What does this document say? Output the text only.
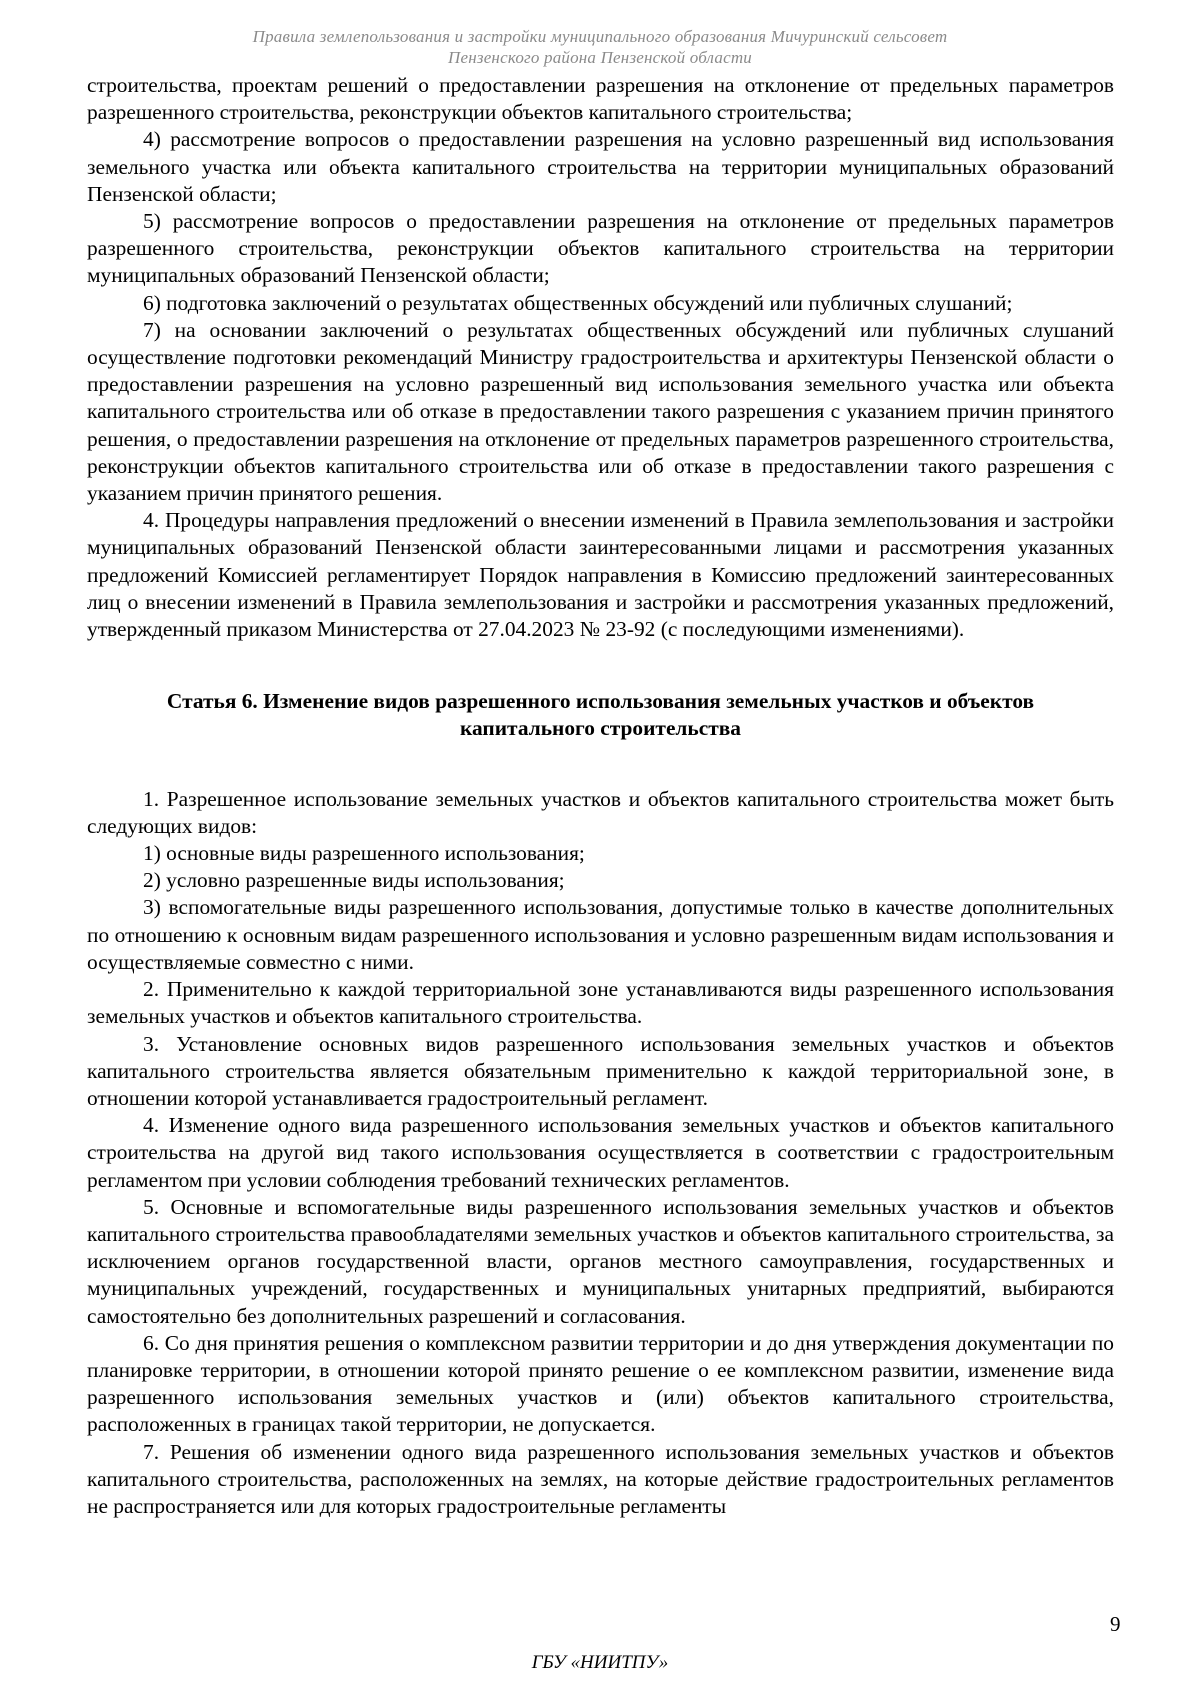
Правила землепользования и застройки муниципального образования Мичуринский сельсовет
Пензенского района Пензенской области

строительства, проектам решений о предоставлении разрешения на отклонение от предельных параметров разрешенного строительства, реконструкции объектов капитального строительства;

4) рассмотрение вопросов о предоставлении разрешения на условно разрешенный вид использования земельного участка или объекта капитального строительства на территории муниципальных образований Пензенской области;

5) рассмотрение вопросов о предоставлении разрешения на отклонение от предельных параметров разрешенного строительства, реконструкции объектов капитального строительства на территории муниципальных образований Пензенской области;

6) подготовка заключений о результатах общественных обсуждений или публичных слушаний;

7) на основании заключений о результатах общественных обсуждений или публичных слушаний осуществление подготовки рекомендаций Министру градостроительства и архитектуры Пензенской области о предоставлении разрешения на условно разрешенный вид использования земельного участка или объекта капитального строительства или об отказе в предоставлении такого разрешения с указанием причин принятого решения, о предоставлении разрешения на отклонение от предельных параметров разрешенного строительства, реконструкции объектов капитального строительства или об отказе в предоставлении такого разрешения с указанием причин принятого решения.

4. Процедуры направления предложений о внесении изменений в Правила землепользования и застройки муниципальных образований Пензенской области заинтересованными лицами и рассмотрения указанных предложений Комиссией регламентирует Порядок направления в Комиссию предложений заинтересованных лиц о внесении изменений в Правила землепользования и застройки и рассмотрения указанных предложений, утвержденный приказом Министерства от 27.04.2023 № 23-92 (с последующими изменениями).

Статья 6. Изменение видов разрешенного использования земельных участков и объектов
капитального строительства

1. Разрешенное использование земельных участков и объектов капитального строительства может быть следующих видов:

1) основные виды разрешенного использования;

2) условно разрешенные виды использования;

3) вспомогательные виды разрешенного использования, допустимые только в качестве дополнительных по отношению к основным видам разрешенного использования и условно разрешенным видам использования и осуществляемые совместно с ними.

2. Применительно к каждой территориальной зоне устанавливаются виды разрешенного использования земельных участков и объектов капитального строительства.

3. Установление основных видов разрешенного использования земельных участков и объектов капитального строительства является обязательным применительно к каждой территориальной зоне, в отношении которой устанавливается градостроительный регламент.

4. Изменение одного вида разрешенного использования земельных участков и объектов капитального строительства на другой вид такого использования осуществляется в соответствии с градостроительным регламентом при условии соблюдения требований технических регламентов.

5. Основные и вспомогательные виды разрешенного использования земельных участков и объектов капитального строительства правообладателями земельных участков и объектов капитального строительства, за исключением органов государственной власти, органов местного самоуправления, государственных и муниципальных учреждений, государственных и муниципальных унитарных предприятий, выбираются самостоятельно без дополнительных разрешений и согласования.

6. Со дня принятия решения о комплексном развитии территории и до дня утверждения документации по планировке территории, в отношении которой принято решение о ее комплексном развитии, изменение вида разрешенного использования земельных участков и (или) объектов капитального строительства, расположенных в границах такой территории, не допускается.

7. Решения об изменении одного вида разрешенного использования земельных участков и объектов капитального строительства, расположенных на землях, на которые действие градостроительных регламентов не распространяется или для которых градостроительные регламенты

9
ГБУ «НИИТПУ»
